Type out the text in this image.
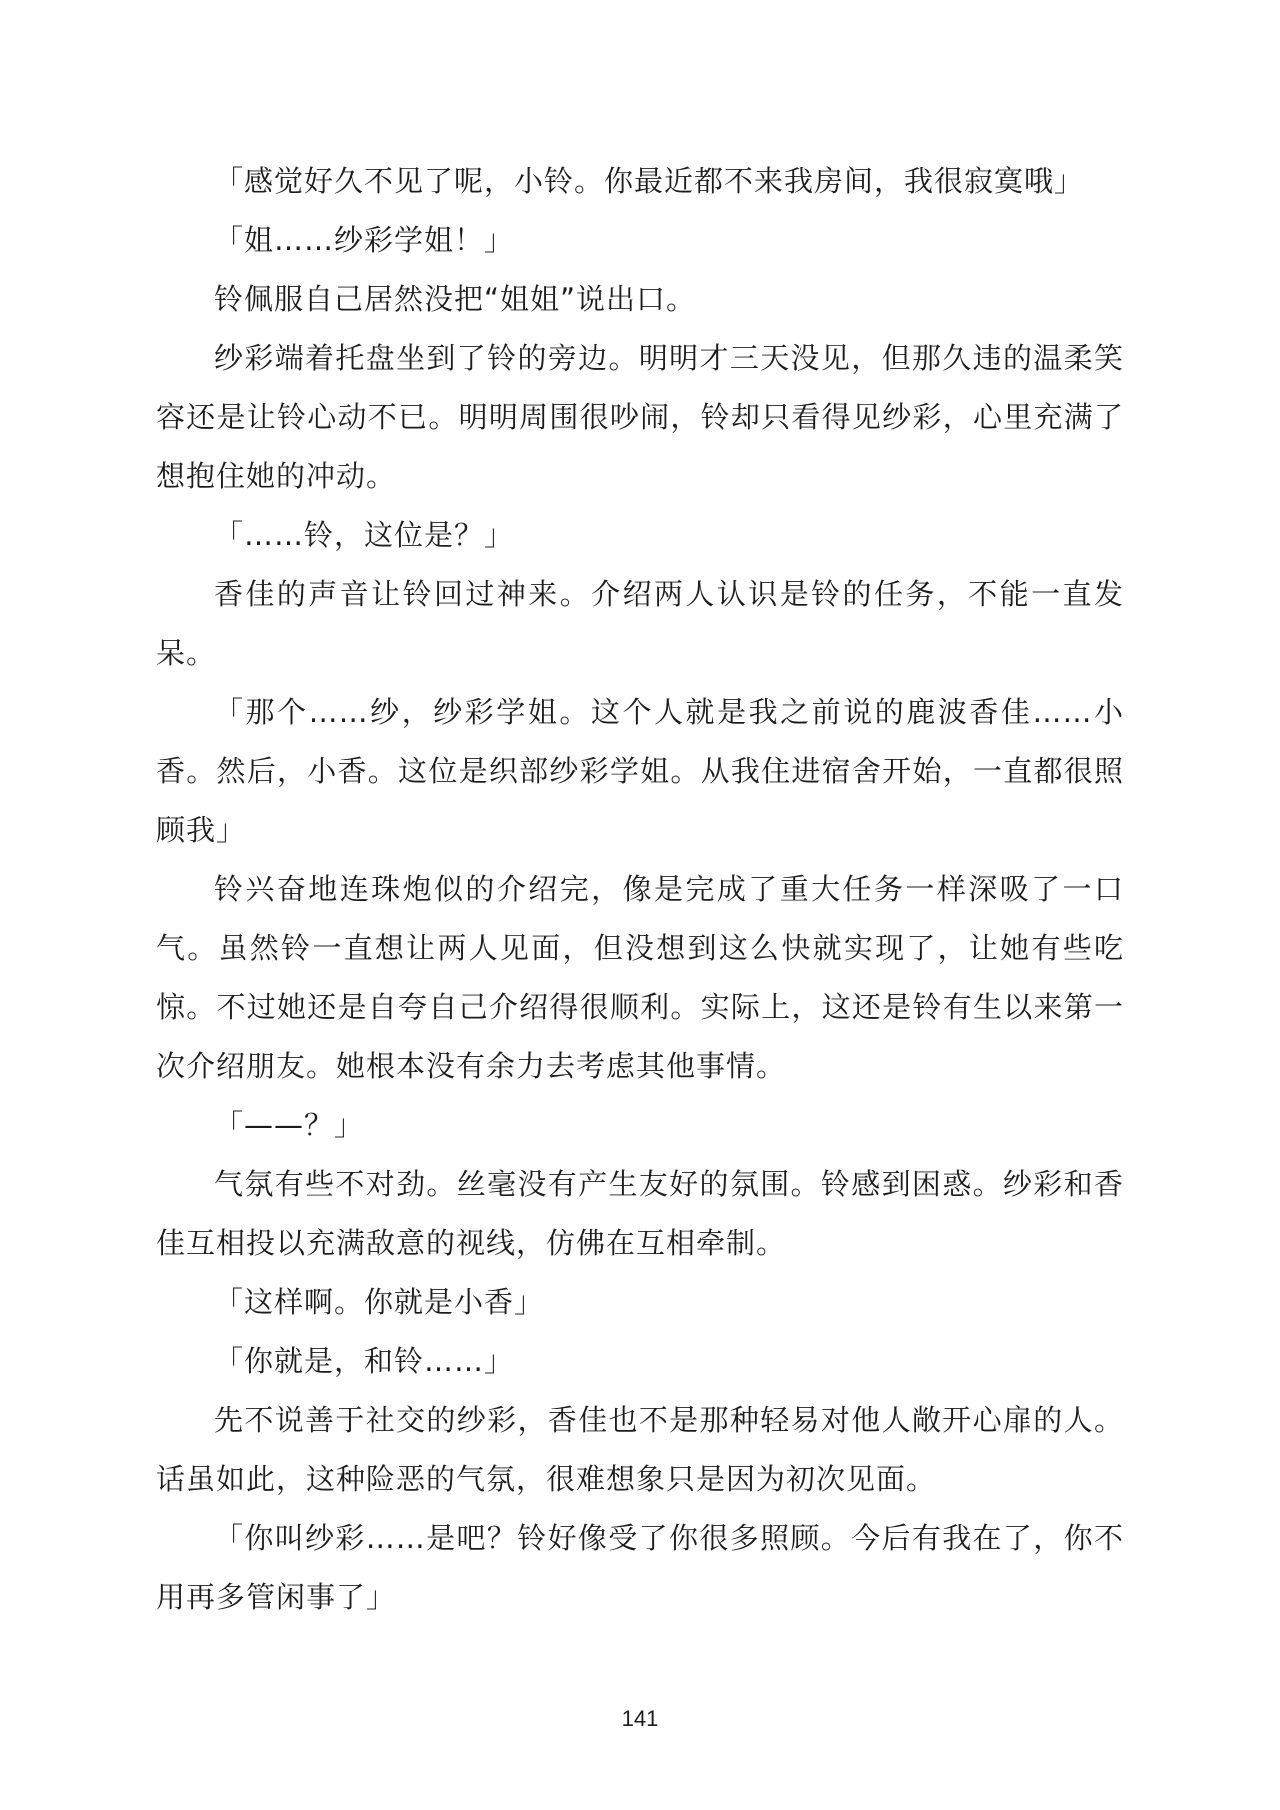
「感觉好久不见了呢，小铃。你最近都不来我房间，我很寂寞哦」

「姐……纱彩学姐！」

铃佩服自己居然没把“姐姐”说出口。

纱彩端着托盘坐到了铃的旁边。明明才三天没见，但那久违的温柔笑容还是让铃心动不已。明明周围很吵闹，铃却只看得见纱彩，心里充满了想抱住她的冲动。

「……铃，这位是？」

香佳的声音让铃回过神来。介绍两人认识是铃的任务，不能一直发呆。

「那个……纱，纱彩学姐。这个人就是我之前说的鹿波香佳……小香。然后，小香。这位是织部纱彩学姐。从我住进宿舍开始，一直都很照顾我」

铃兴奋地连珠炮似的介绍完，像是完成了重大任务一样深吸了一口气。虽然铃一直想让两人见面，但没想到这么快就实现了，让她有些吃惊。不过她还是自夸自己介绍得很顺利。实际上，这还是铃有生以来第一次介绍朋友。她根本没有余力去考虑其他事情。

「——？」

气氛有些不对劲。丝毫没有产生友好的氛围。铃感到困惑。纱彩和香佳互相投以充满敌意的视线，仿佛在互相牵制。

「这样啊。你就是小香」

「你就是，和铃……」

先不说善于社交的纱彩，香佳也不是那种轻易对他人敞开心扉的人。话虽如此，这种险恶的气氛，很难想象只是因为初次见面。

「你叫纱彩……是吧？铃好像受了你很多照顾。今后有我在了，你不用再多管闲事了」

141
